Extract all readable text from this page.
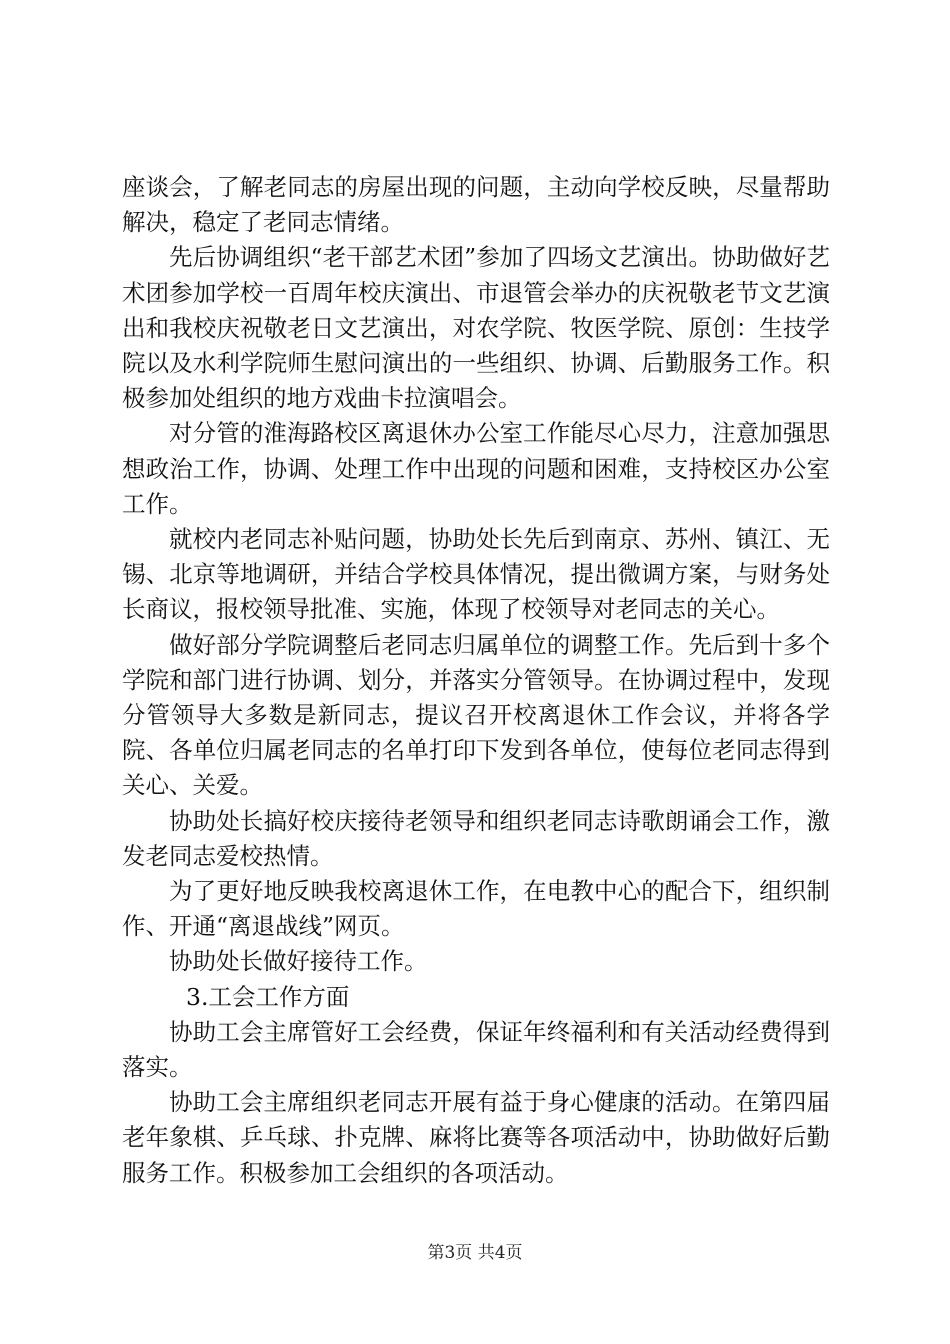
座谈会，了解老同志的房屋出现的问题，主动向学校反映，尽量帮助解决，稳定了老同志情绪。

先后协调组织“老干部艺术团”参加了四场文艺演出。协助做好艺术团参加学校一百周年校庆演出、市退管会举办的庆祝敬老节文艺演出和我校庆祝敬老日文艺演出，对农学院、牧医学院、原创：生技学院以及水利学院师生慰问演出的一些组织、协调、后勤服务工作。积极参加处组织的地方戏曲卡拉演唱会。

对分管的淮海路校区离退休办公室工作能尽心尽力，注意加强思想政治工作，协调、处理工作中出现的问题和困难，支持校区办公室工作。

就校内老同志补贴问题，协助处长先后到南京、苏州、镇江、无锡、北京等地调研，并结合学校具体情况，提出微调方案，与财务处长商议，报校领导批准、实施，体现了校领导对老同志的关心。

做好部分学院调整后老同志归属单位的调整工作。先后到十多个学院和部门进行协调、划分，并落实分管领导。在协调过程中，发现分管领导大多数是新同志，提议召开校离退休工作会议，并将各学院、各单位归属老同志的名单打印下发到各单位，使每位老同志得到关心、关爱。

协助处长搞好校庆接待老领导和组织老同志诗歌朗诵会工作，激发老同志爱校热情。

为了更好地反映我校离退休工作，在电教中心的配合下，组织制作、开通“离退战线”网页。

协助处长做好接待工作。

3.工会工作方面

协助工会主席管好工会经费，保证年终福利和有关活动经费得到落实。

协助工会主席组织老同志开展有益于身心健康的活动。在第四届老年象棋、乒乓球、扑克牌、麻将比赛等各项活动中，协助做好后勤服务工作。积极参加工会组织的各项活动。

第3页 共4页
